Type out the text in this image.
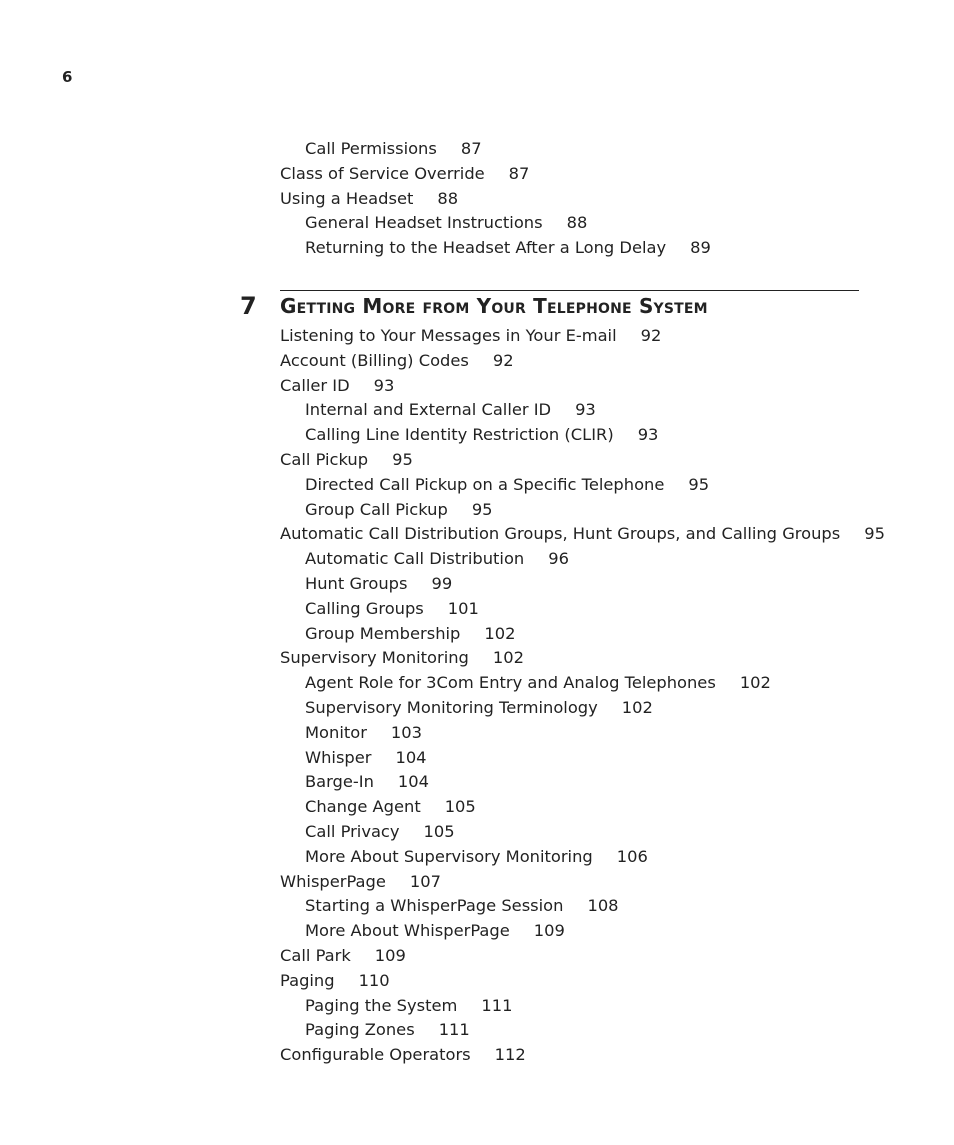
6
Call Permissions 87
Class of Service Override 87
Using a Headset 88
General Headset Instructions 88
Returning to the Headset After a Long Delay 89
7 Getting More from Your Telephone System
Listening to Your Messages in Your E-mail 92
Account (Billing) Codes 92
Caller ID 93
Internal and External Caller ID 93
Calling Line Identity Restriction (CLIR) 93
Call Pickup 95
Directed Call Pickup on a Specific Telephone 95
Group Call Pickup 95
Automatic Call Distribution Groups, Hunt Groups, and Calling Groups 95
Automatic Call Distribution 96
Hunt Groups 99
Calling Groups 101
Group Membership 102
Supervisory Monitoring 102
Agent Role for 3Com Entry and Analog Telephones 102
Supervisory Monitoring Terminology 102
Monitor 103
Whisper 104
Barge-In 104
Change Agent 105
Call Privacy 105
More About Supervisory Monitoring 106
WhisperPage 107
Starting a WhisperPage Session 108
More About WhisperPage 109
Call Park 109
Paging 110
Paging the System 111
Paging Zones 111
Configurable Operators 112
